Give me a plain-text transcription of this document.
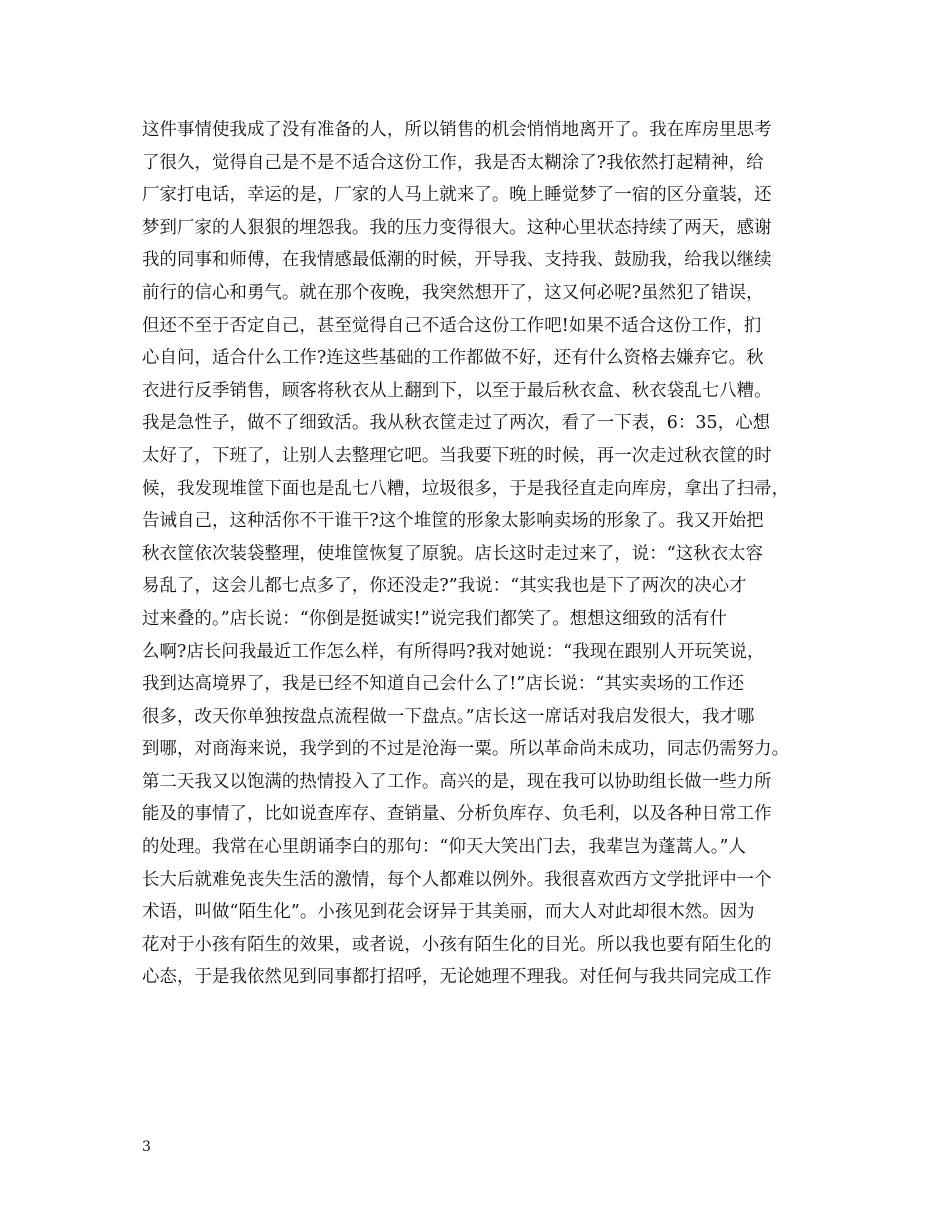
这件事情使我成了没有准备的人，所以销售的机会悄悄地离开了。我在库房里思考
了很久，觉得自己是不是不适合这份工作，我是否太糊涂了?我依然打起精神，给
厂家打电话，幸运的是，厂家的人马上就来了。晚上睡觉梦了一宿的区分童装，还
梦到厂家的人狠狠的埋怨我。我的压力变得很大。这种心里状态持续了两天，感谢
我的同事和师傅，在我情感最低潮的时候，开导我、支持我、鼓励我，给我以继续
前行的信心和勇气。就在那个夜晚，我突然想开了，这又何必呢?虽然犯了错误，
但还不至于否定自己，甚至觉得自己不适合这份工作吧!如果不适合这份工作，扪
心自问，适合什么工作?连这些基础的工作都做不好，还有什么资格去嫌弃它。秋
衣进行反季销售，顾客将秋衣从上翻到下，以至于最后秋衣盒、秋衣袋乱七八糟。
我是急性子，做不了细致活。我从秋衣筐走过了两次，看了一下表，6：35，心想
太好了，下班了，让别人去整理它吧。当我要下班的时候，再一次走过秋衣筐的时
候，我发现堆筐下面也是乱七八糟，垃圾很多，于是我径直走向库房，拿出了扫帚，
告诫自己，这种活你不干谁干?这个堆筐的形象太影响卖场的形象了。我又开始把
秋衣筐依次装袋整理，使堆筐恢复了原貌。店长这时走过来了，说：“这秋衣太容
易乱了，这会儿都七点多了，你还没走?”我说：“其实我也是下了两次的决心才
过来叠的。”店长说：“你倒是挺诚实!”说完我们都笑了。想想这细致的活有什
么啊?店长问我最近工作怎么样，有所得吗?我对她说：“我现在跟别人开玩笑说，
我到达高境界了，我是已经不知道自己会什么了!”店长说：“其实卖场的工作还
很多，改天你单独按盘点流程做一下盘点。”店长这一席话对我启发很大，我才哪
到哪，对商海来说，我学到的不过是沧海一粟。所以革命尚未成功，同志仍需努力。
第二天我又以饱满的热情投入了工作。高兴的是，现在我可以协助组长做一些力所
能及的事情了，比如说查库存、查销量、分析负库存、负毛利，以及各种日常工作
的处理。我常在心里朗诵李白的那句：“仰天大笑出门去，我辈岂为蓬蒿人。”人
长大后就难免丧失生活的激情，每个人都难以例外。我很喜欢西方文学批评中一个
术语，叫做“陌生化”。小孩见到花会讶异于其美丽，而大人对此却很木然。因为
花对于小孩有陌生的效果，或者说，小孩有陌生化的目光。所以我也要有陌生化的
心态，于是我依然见到同事都打招呼，无论她理不理我。对任何与我共同完成工作
3
